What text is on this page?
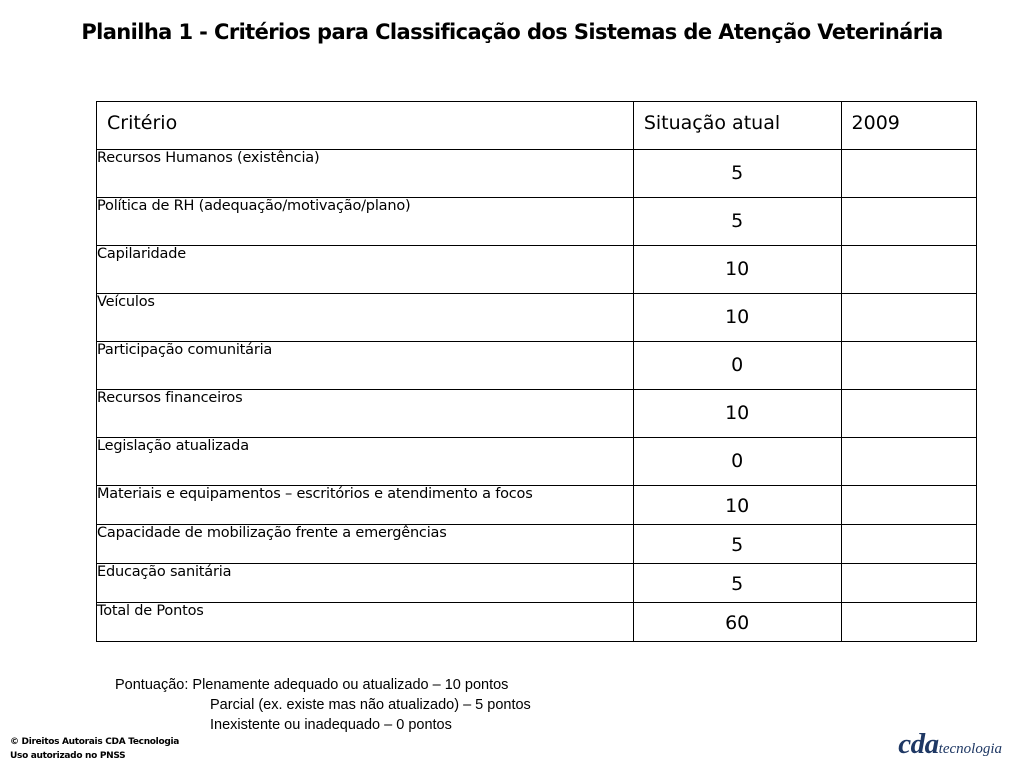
Planilha 1 - Critérios para Classificação dos Sistemas de Atenção Veterinária
Critério	Situação atual	2009
Recursos Humanos (existência)	5	
Política de RH (adequação/motivação/plano)	5	
Capilaridade	10	
Veículos	10	
Participação comunitária	0	
Recursos financeiros	10	
Legislação atualizada	0	
Materiais e equipamentos – escritórios e atendimento a focos	10	
Capacidade de mobilização frente a emergências	5	
Educação sanitária	5	
Total de Pontos	60	
Pontuação: Plenamente adequado ou atualizado – 10 pontos
Parcial (ex. existe mas não atualizado) – 5 pontos
Inexistente ou inadequado – 0 pontos
© Direitos Autorais CDA Tecnologia
Uso autorizado no PNSS	cdatecnologia
